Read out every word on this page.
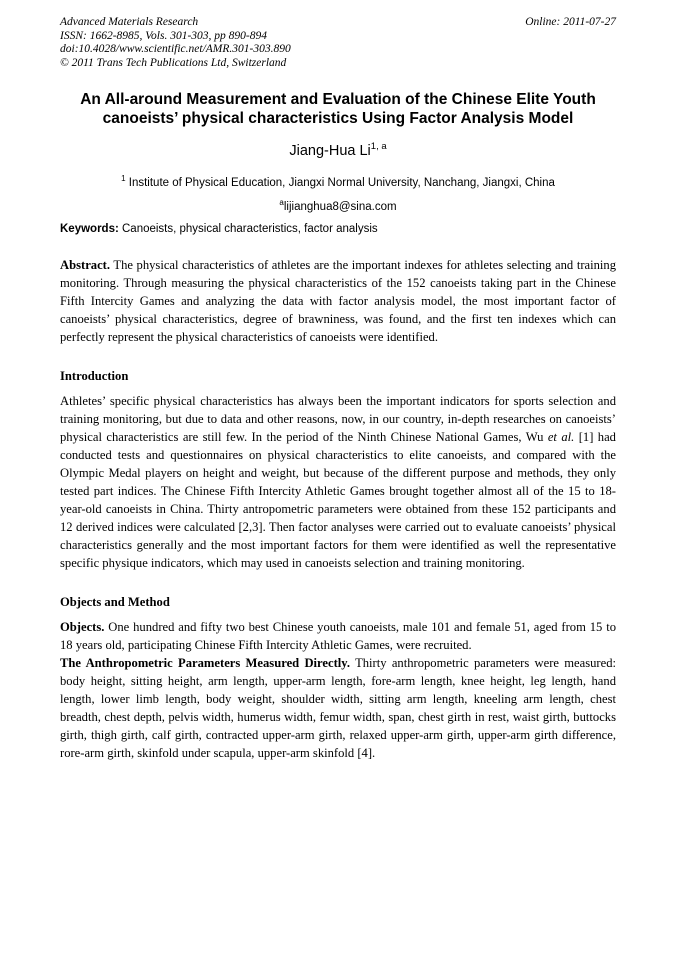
Advanced Materials Research
ISSN: 1662-8985, Vols. 301-303, pp 890-894
doi:10.4028/www.scientific.net/AMR.301-303.890
© 2011 Trans Tech Publications Ltd, Switzerland
Online: 2011-07-27
An All-around Measurement and Evaluation of the Chinese Elite Youth canoeists’ physical characteristics Using Factor Analysis Model
Jiang-Hua Li$^{1, a}$
$^1$ Institute of Physical Education, Jiangxi Normal University, Nanchang, Jiangxi, China
$^a$lijianghua8@sina.com
Keywords: Canoeists, physical characteristics, factor analysis

Abstract. The physical characteristics of athletes are the important indexes for athletes selecting and training monitoring. Through measuring the physical characteristics of the 152 canoeists taking part in the Chinese Fifth Intercity Games and analyzing the data with factor analysis model, the most important factor of canoeists’ physical characteristics, degree of brawniness, was found, and the first ten indexes which can perfectly represent the physical characteristics of canoeists were identified.

Introduction

Athletes’ specific physical characteristics has always been the important indicators for sports selection and training monitoring, but due to data and other reasons, now, in our country, in-depth researches on canoeists’ physical characteristics are still few. In the period of the Ninth Chinese National Games, Wu et al. [1] had conducted tests and questionnaires on physical characteristics to elite canoeists, and compared with the Olympic Medal players on height and weight, but because of the different purpose and methods, they only tested part indices. The Chinese Fifth Intercity Athletic Games brought together almost all of the 15 to 18-year-old canoeists in China. Thirty antropometric parameters were obtained from these 152 participants and 12 derived indices were calculated [2,3]. Then factor analyses were carried out to evaluate canoeists’ physical characteristics generally and the most important factors for them were identified as well the representative specific physique indicators, which may used in canoeists selection and training monitoring.

Objects and Method

Objects. One hundred and fifty two best Chinese youth canoeists, male 101 and female 51, aged from 15 to 18 years old, participating Chinese Fifth Intercity Athletic Games, were recruited.

The Anthropometric Parameters Measured Directly. Thirty anthropometric parameters were measured: body height, sitting height, arm length, upper-arm length, fore-arm length, knee height, leg length, hand length, lower limb length, body weight, shoulder width, sitting arm length, kneeling arm length, chest breadth, chest depth, pelvis width, humerus width, femur width, span, chest girth in rest, waist girth, buttocks girth, thigh girth, calf girth, contracted upper-arm girth, relaxed upper-arm girth, upper-arm girth difference, rore-arm girth, skinfold under scapula, upper-arm skinfold [4].
